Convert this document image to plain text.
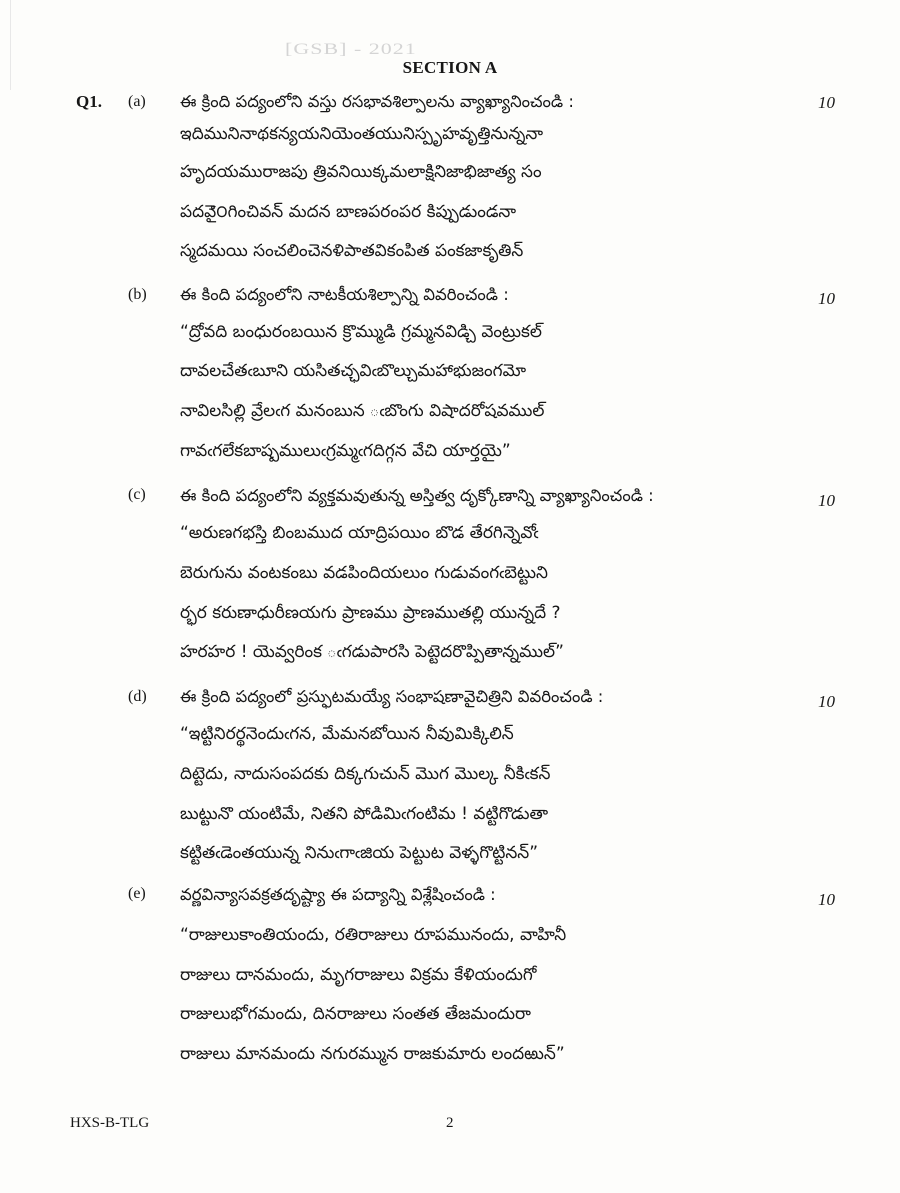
[GSB] - 2021
SECTION A
Q1. (a)	10
ఈ క్రింది పద్యంలోని వస్తు రసభావశిల్పాలను వ్యాఖ్యానించండి :
ఇదిమునినాథకన్యయనియెంతయునిస్పృహవృత్తినున్ననా
హృదయమురాజపు త్రివనియిక్కమలాక్షినిజాభిజాత్య సం
పదవైౕ౦గించివన్ మదన బాణపరంపర కిప్పుడుండనా
స్మదమయి సంచలించెనళిపాతవికంపిత పంకజాకృతిన్
(b)	10
ఈ కింది పద్యంలోని నాటకీయశిల్పాన్ని వివరించండి :
“ద్రోవది బంధురంబయిన క్రొమ్ముడి గ్రమ్మనవిడ్చి వెంట్రుకల్
దావలచేతఁబూని యసితచ్ఛవిఁబొల్చుమహాభుజంగమో
నావిలసిల్లి వ్రేలఁగ మనంబున ఁబొంగు విషాదరోషవముల్
గావఁగలేకబాష్పములుఁగ్రమ్మఁగదిగ్గన వేచి యార్తయై”
(c)	10
ఈ కింది పద్యంలోని వ్యక్తమవుతున్న అస్తిత్వ దృక్కోణాన్ని వ్యాఖ్యానించండి :
“అరుణగభస్తి బింబముద యాద్రిపయిం బొడ తేరగిన్నెవోఁ
బెరుగును వంటకంబు వడపిందియలుం గుడువంగఁబెట్టుని
ర్భర కరుణాధురీణయగు ప్రాణము ప్రాణముతల్లి యున్నదే ?
హరహర ! యెవ్వరింక ఁగడుపారసి పెట్టెదరొప్పితాన్నముల్”
(d)	10
ఈ క్రింది పద్యంలో ప్రస్ఫుటమయ్యే సంభాషణావైచిత్రిని వివరించండి :
“ఇట్టినిరర్థనెందుఁగన, మేమనబోయిన నీవుమిక్కిలిన్
దిట్టెదు, నాదుసంపదకు దిక్కగుచున్ మొగ మొల్క నీకిఁకన్
బుట్టునొ యంటిమే, నితని పోడిమిఁగంటిమ ! వట్టిగొడుతా
కట్టితఁడెంతయున్న నినుఁగాఁజియ పెట్టుట వెళ్ళగొట్టినన్”
(e)	10
వర్ణవిన్యాసవక్రతదృష్ట్యా ఈ పద్యాన్ని విశ్లేషించండి :
“రాజులుకాంతియందు, రతిరాజులు రూపమునందు, వాహినీ
రాజులు దానమందు, మృగరాజులు విక్రమ కేళియందుగో
రాజులుభోగమందు, దినరాజులు సంతత తేజమందురా
రాజులు మానమందు నగురమ్మున రాజకుమారు లందఱున్”
HXS-B-TLG	2
